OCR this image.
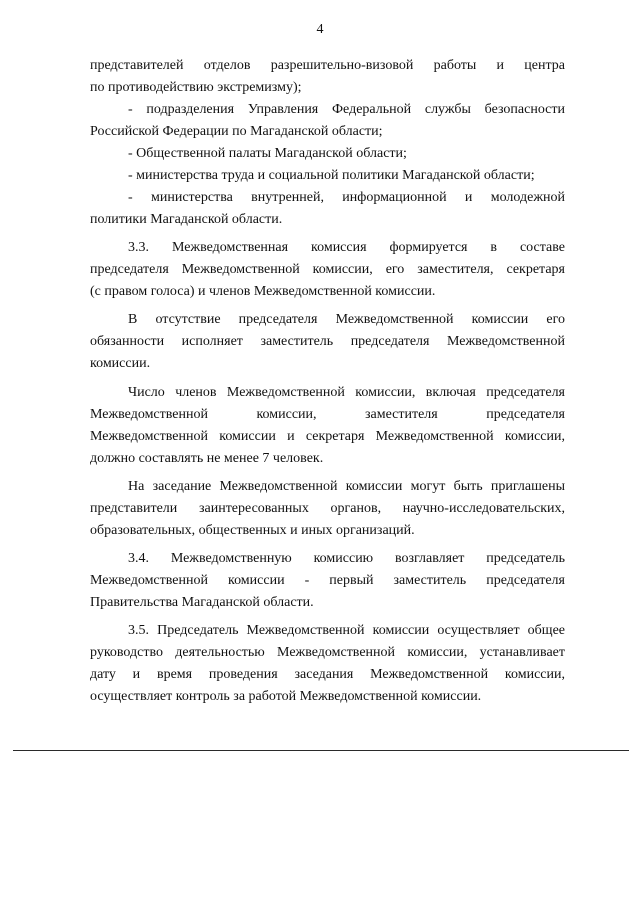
4
представителей отделов разрешительно-визовой работы и центра
по противодействию экстремизму);
- подразделения Управления Федеральной службы безопасности
Российской Федерации по Магаданской области;
- Общественной палаты Магаданской области;
- министерства труда и социальной политики Магаданской области;
- министерства внутренней, информационной и молодежной
политики Магаданской области.
3.3. Межведомственная комиссия формируется в составе
председателя Межведомственной комиссии, его заместителя, секретаря
(с правом голоса) и членов Межведомственной комиссии.
В отсутствие председателя Межведомственной комиссии его
обязанности исполняет заместитель председателя Межведомственной
комиссии.
Число членов Межведомственной комиссии, включая председателя
Межведомственной комиссии, заместителя председателя
Межведомственной комиссии и секретаря Межведомственной комиссии,
должно составлять не менее 7 человек.
На заседание Межведомственной комиссии могут быть приглашены
представители заинтересованных органов, научно-исследовательских,
образовательных, общественных и иных организаций.
3.4. Межведомственную комиссию возглавляет председатель
Межведомственной комиссии - первый заместитель председателя
Правительства Магаданской области.
3.5. Председатель Межведомственной комиссии осуществляет общее
руководство деятельностью Межведомственной комиссии, устанавливает
дату и время проведения заседания Межведомственной комиссии,
осуществляет контроль за работой Межведомственной комиссии.
